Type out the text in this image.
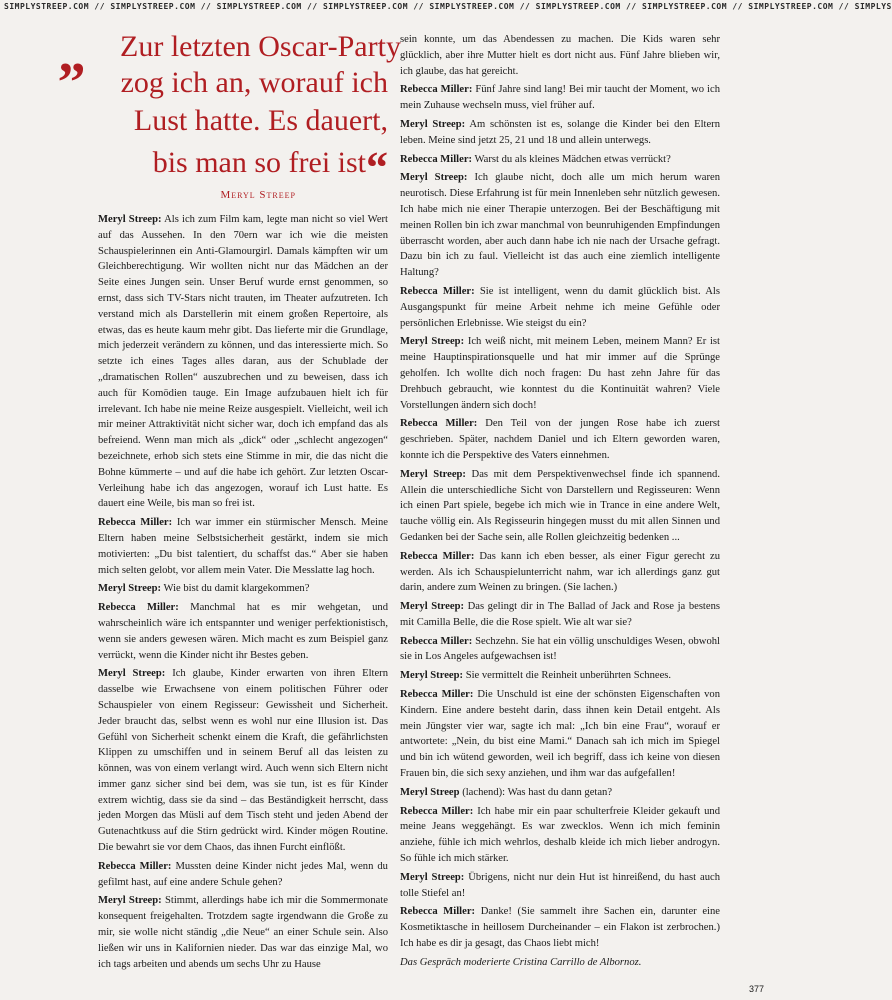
SIMPLYSTREEP.COM // SIMPLYSTREEP.COM // SIMPLYSTREEP.COM // SIMPLYSTREEP.COM // SIMPLYSTREEP.COM // SIMPLYSTREEP.COM // SIMPLYSTREEP.COM // SIMPLYSTREEP.COM // SIMPLYS
„ Zur letzten Oscar-Party
zog ich an, worauf ich
Lust hatte. Es dauert,
bis man so frei ist“
Meryl Streep

Meryl Streep: Als ich zum Film kam, legte man nicht so viel Wert auf das Aussehen. In den 70ern war ich wie die meisten Schauspielerinnen ein Anti-Glamourgirl. Damals kämpften wir um Gleichberechtigung. Wir wollten nicht nur das Mädchen an der Seite eines Jungen sein. Unser Beruf wurde ernst genommen, so ernst, dass sich TV-Stars nicht trauten, im Theater aufzutreten. Ich verstand mich als Darstellerin mit einem großen Repertoire, als etwas, das es heute kaum mehr gibt. Das lieferte mir die Grundlage, mich jederzeit verändern zu können, und das interessierte mich. So setzte ich eines Tages alles daran, aus der Schublade der „dramatischen Rollen“ auszubrechen und zu beweisen, dass ich auch für Komödien tauge. Ein Image aufzubauen hielt ich für irrelevant. Ich habe nie meine Reize ausgespielt. Vielleicht, weil ich mir meiner Attraktivität nicht sicher war, doch ich empfand das als befreiend. Wenn man mich als „dick“ oder „schlecht angezogen“ bezeichnete, erhob sich stets eine Stimme in mir, die das nicht die Bohne kümmerte – und auf die habe ich gehört. Zur letzten Oscar-Verleihung habe ich das angezogen, worauf ich Lust hatte. Es dauert eine Weile, bis man so frei ist.

Rebecca Miller: Ich war immer ein stürmischer Mensch. Meine Eltern haben meine Selbstsicherheit gestärkt, indem sie mich motivierten: „Du bist talentiert, du schaffst das.“ Aber sie haben mich selten gelobt, vor allem mein Vater. Die Messlatte lag hoch.

Meryl Streep: Wie bist du damit klargekommen?

Rebecca Miller: Manchmal hat es mir wehgetan, und wahrscheinlich wäre ich entspannter und weniger perfektionistisch, wenn sie anders gewesen wären. Mich macht es zum Beispiel ganz verrückt, wenn die Kinder nicht ihr Bestes geben.

Meryl Streep: Ich glaube, Kinder erwarten von ihren Eltern dasselbe wie Erwachsene von einem politischen Führer oder Schauspieler von einem Regisseur: Gewissheit und Sicherheit. Jeder braucht das, selbst wenn es wohl nur eine Illusion ist. Das Gefühl von Sicherheit schenkt einem die Kraft, die gefährlichsten Klippen zu umschiffen und in seinem Beruf all das leisten zu können, was von einem verlangt wird. Auch wenn sich Eltern nicht immer ganz sicher sind bei dem, was sie tun, ist es für Kinder extrem wichtig, dass sie da sind – das Beständigkeit herrscht, dass jeden Morgen das Müsli auf dem Tisch steht und jeden Abend der Gutenachtkuss auf die Stirn gedrückt wird. Kinder mögen Routine. Die bewahrt sie vor dem Chaos, das ihnen Furcht einflößt.

Rebecca Miller: Mussten deine Kinder nicht jedes Mal, wenn du gefilmt hast, auf eine andere Schule gehen?

Meryl Streep: Stimmt, allerdings habe ich mir die Sommermonate konsequent freigehalten. Trotzdem sagte irgendwann die Große zu mir, sie wolle nicht ständig „die Neue“ an einer Schule sein. Also ließen wir uns in Kalifornien nieder. Das war das einzige Mal, wo ich tags arbeiten und abends um sechs Uhr zu Hause

sein konnte, um das Abendessen zu machen. Die Kids waren sehr glücklich, aber ihre Mutter hielt es dort nicht aus. Fünf Jahre blieben wir, ich glaube, das hat gereicht.

Rebecca Miller: Fünf Jahre sind lang! Bei mir taucht der Moment, wo ich mein Zuhause wechseln muss, viel früher auf.

Meryl Streep: Am schönsten ist es, solange die Kinder bei den Eltern leben. Meine sind jetzt 25, 21 und 18 und allein unterwegs.

Rebecca Miller: Warst du als kleines Mädchen etwas verrückt?

Meryl Streep: Ich glaube nicht, doch alle um mich herum waren neurotisch. Diese Erfahrung ist für mein Innenleben sehr nützlich gewesen. Ich habe mich nie einer Therapie unterzogen. Bei der Beschäftigung mit meinen Rollen bin ich zwar manchmal von beunruhigenden Empfindungen überrascht worden, aber auch dann habe ich nie nach der Ursache gefragt. Dazu bin ich zu faul. Vielleicht ist das auch eine ziemlich intelligente Haltung?

Rebecca Miller: Sie ist intelligent, wenn du damit glücklich bist. Als Ausgangspunkt für meine Arbeit nehme ich meine Gefühle oder persönlichen Erlebnisse. Wie steigst du ein?

Meryl Streep: Ich weiß nicht, mit meinem Leben, meinem Mann? Er ist meine Hauptinspirationsquelle und hat mir immer auf die Sprünge geholfen. Ich wollte dich noch fragen: Du hast zehn Jahre für das Drehbuch gebraucht, wie konntest du die Kontinuität wahren? Viele Vorstellungen ändern sich doch!

Rebecca Miller: Den Teil von der jungen Rose habe ich zuerst geschrieben. Später, nachdem Daniel und ich Eltern geworden waren, konnte ich die Perspektive des Vaters einnehmen.

Meryl Streep: Das mit dem Perspektivenwechsel finde ich spannend. Allein die unterschiedliche Sicht von Darstellern und Regisseuren: Wenn ich einen Part spiele, begebe ich mich wie in Trance in eine andere Welt, tauche völlig ein. Als Regisseurin hingegen musst du mit allen Sinnen und Gedanken bei der Sache sein, alle Rollen gleichzeitig bedenken ...

Rebecca Miller: Das kann ich eben besser, als einer Figur gerecht zu werden. Als ich Schauspielunterricht nahm, war ich allerdings ganz gut darin, andere zum Weinen zu bringen. (Sie lachen.)

Meryl Streep: Das gelingt dir in The Ballad of Jack and Rose ja bestens mit Camilla Belle, die die Rose spielt. Wie alt war sie?

Rebecca Miller: Sechzehn. Sie hat ein völlig unschuldiges Wesen, obwohl sie in Los Angeles aufgewachsen ist!

Meryl Streep: Sie vermittelt die Reinheit unberührten Schnees.

Rebecca Miller: Die Unschuld ist eine der schönsten Eigenschaften von Kindern. Eine andere besteht darin, dass ihnen kein Detail entgeht. Als mein Jüngster vier war, sagte ich mal: „Ich bin eine Frau“, worauf er antwortete: „Nein, du bist eine Mami.“ Danach sah ich mich im Spiegel und bin ich wütend geworden, weil ich begriff, dass ich keine von diesen Frauen bin, die sich sexy anziehen, und ihm war das aufgefallen!

Meryl Streep (lachend): Was hast du dann getan?

Rebecca Miller: Ich habe mir ein paar schulterfreie Kleider gekauft und meine Jeans weggehängt. Es war zwecklos. Wenn ich mich feminin anziehe, fühle ich mich wehrlos, deshalb kleide ich mich lieber androgyn. So fühle ich mich stärker.

Meryl Streep: Übrigens, nicht nur dein Hut ist hinreißend, du hast auch tolle Stiefel an!

Rebecca Miller: Danke! (Sie sammelt ihre Sachen ein, darunter eine Kosmetiktasche in heillosem Durcheinander – ein Flakon ist zerbrochen.) Ich habe es dir ja gesagt, das Chaos liebt mich!

Das Gespräch moderierte Cristina Carrillo de Albornoz.

377
